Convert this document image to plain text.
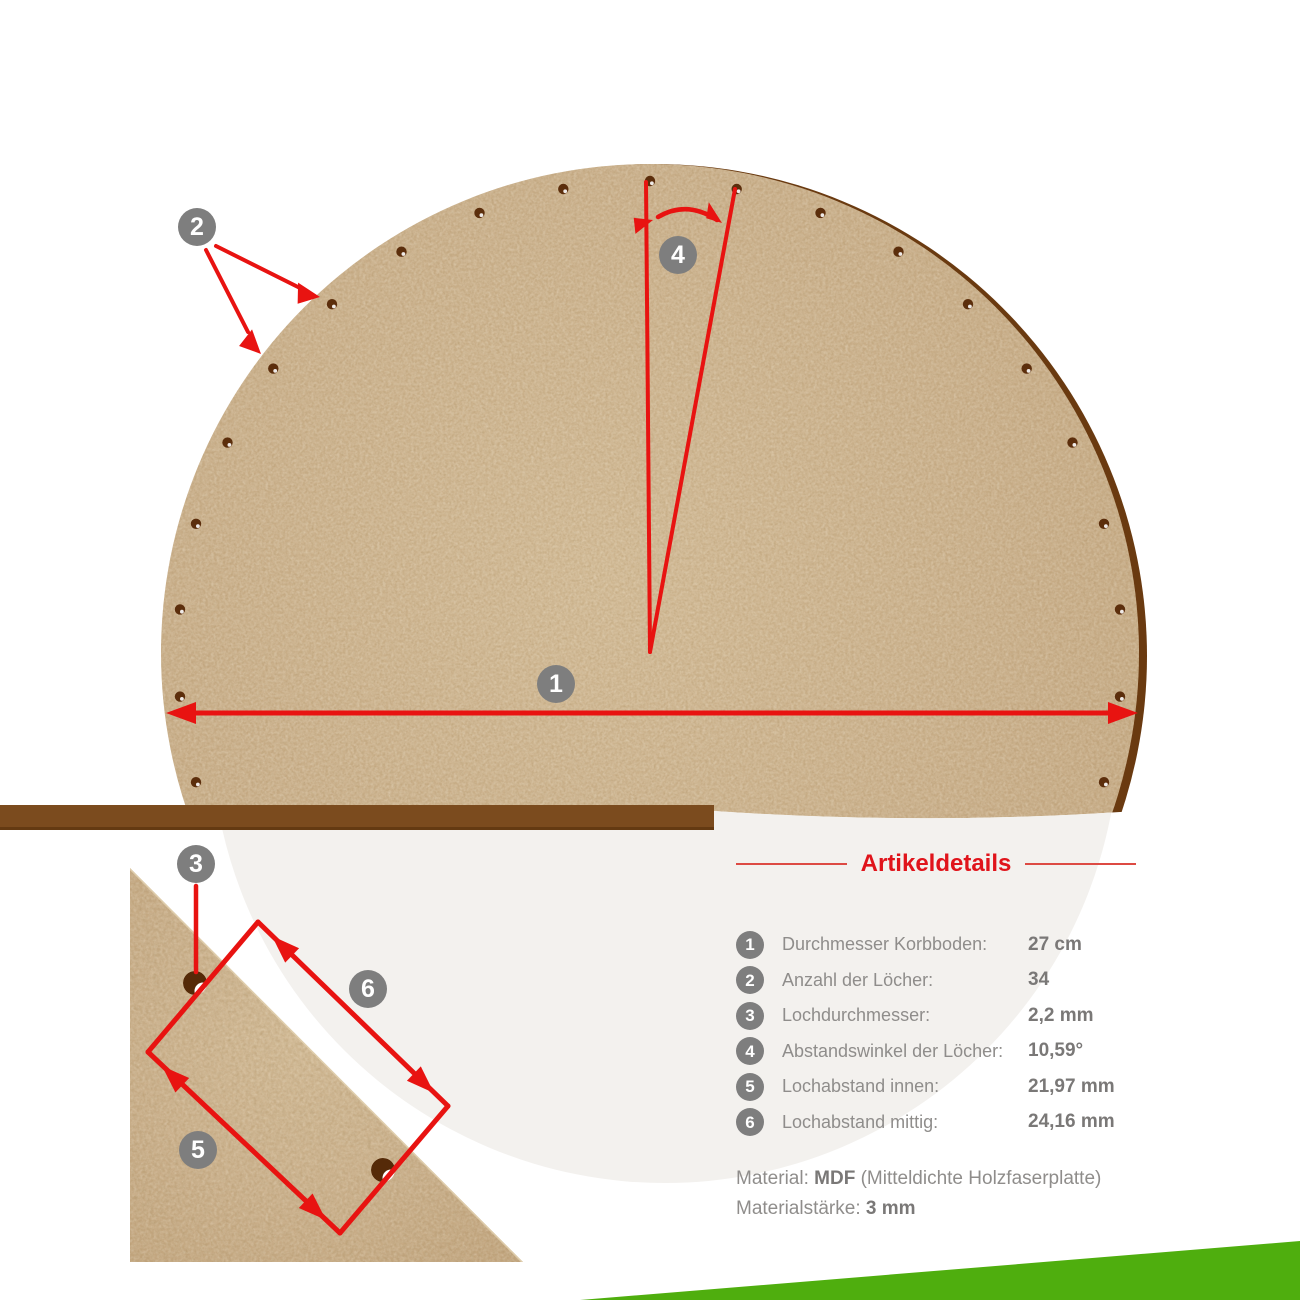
1
2
4
3
6
5
Artikeldetails
1	Durchmesser Korbboden: 27 cm
2	Anzahl der Löcher:	34
3	Lochdurchmesser:	2,2 mm
4	Abstandswinkel der Löcher: 10,59°
5	Lochabstand innen:	21,97 mm
6	Lochabstand mittig:	24,16 mm
Material: MDF (Mitteldichte Holzfaserplatte)
Materialstärke: 3 mm
